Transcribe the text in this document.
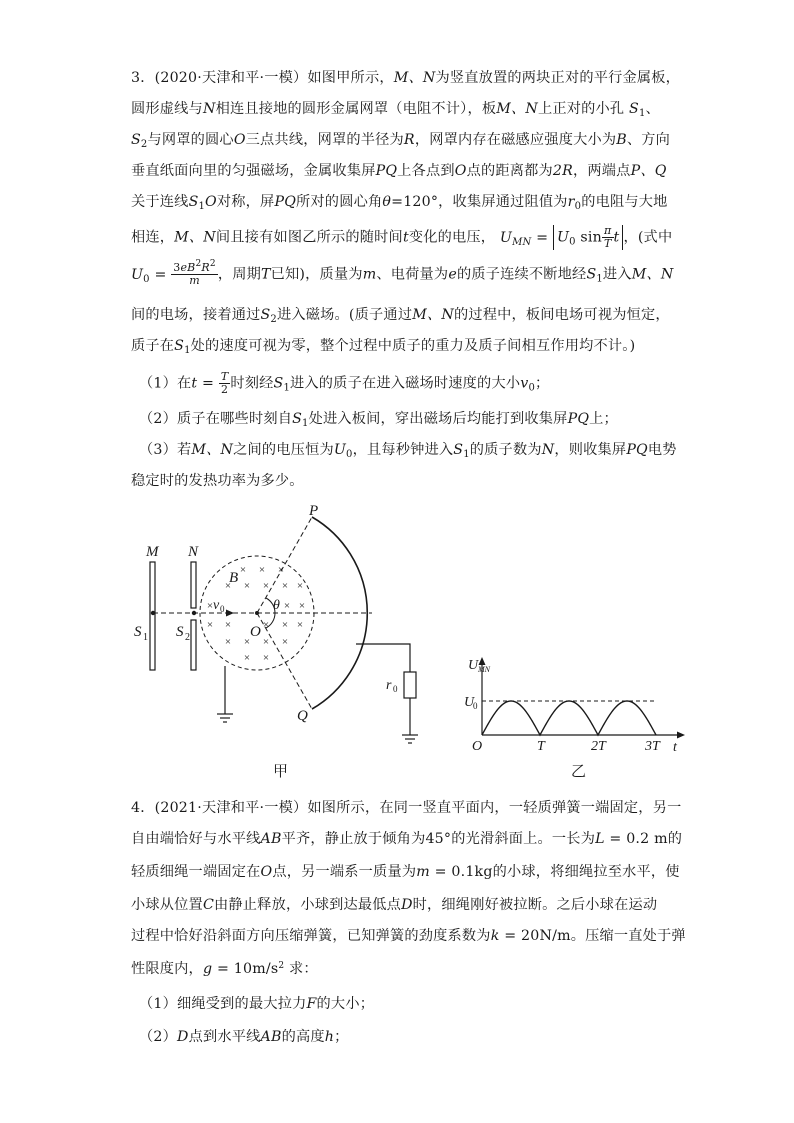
3．(2020·天津和平·一模）如图甲所示，M、N为竖直放置的两块正对的平行金属板，
圆形虚线与N相连且接地的圆形金属网罩（电阻不计），板M、N上正对的小孔 $S_1$、
$S_2$与网罩的圆心O三点共线，网罩的半径为R，网罩内存在磁感应强度大小为B、方向
垂直纸面向里的匀强磁场，金属收集屏PQ上各点到O点的距离都为2R，两端点P、Q
关于连线$S_1O$对称，屏PQ所对的圆心角θ=120°，收集屏通过阻值为$r_0$的电阻与大地
相连，M、N间且接有如图乙所示的随时间t变化的电压， $U_{MN} = U_0$ $\sin \frac{\pi}{T}$ t ，(式中
$U_0 = \frac{3eB^2R^2}{m}$ ，周期T已知)，质量为m、电荷量为e的质子连续不断地经$S_1$进入M、N
间的电场，接着通过$S_2$进入磁场。(质子通过M、N的过程中，板间电场可视为恒定，
质子在$S_1$处的速度可视为零，整个过程中质子的重力及质子间相互作用均不计。)
（1）在$t = \frac{T}{2}$ 时刻经$S_1$进入的质子在进入磁场时速度的大小$v_0$；
（2）质子在哪些时刻自$S_1$处进入板间，穿出磁场后均能打到收集屏PQ上；
（3）若M、N之间的电压恒为$U_0$，且每秒钟进入$S_1$的质子数为N，则收集屏PQ电势
稳定时的发热功率为多少。
× × ×
× × × × ×
×	× ×
× ×	× × ×
× × × ×
× ×
M N
S 1 S 2
B
v 0	θ
O
P
Q
r 0
甲
U MN
U
0
O	T	2T	3T t
乙
4．(2021·天津和平·一模）如图所示，在同一竖直平面内，一轻质弹簧一端固定，另一
自由端恰好与水平线AB平齐，静止放于倾角为45°的光滑斜面上。一长为L = 0.2 m的
轻质细绳一端固定在O点，另一端系一质量为m = 0.1kg的小球，将细绳拉至水平，使
小球从位置C由静止释放，小球到达最低点D时，细绳刚好被拉断。之后小球在运动
过程中恰好沿斜面方向压缩弹簧，已知弹簧的劲度系数为k = 20N/m。压缩一直处于弹
性限度内，$g = 10m/s^2$ 求：
（1）细绳受到的最大拉力F的大小；
（2）D点到水平线AB的高度h；
